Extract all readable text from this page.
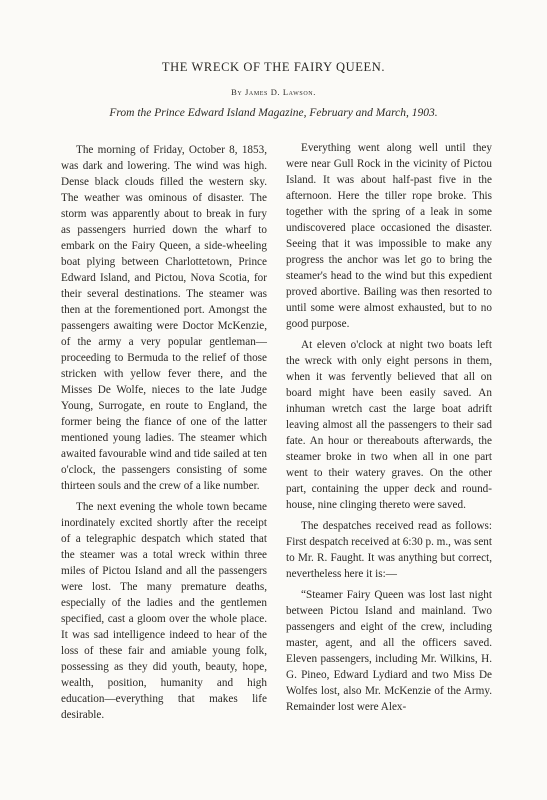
THE WRECK OF THE FAIRY QUEEN.
By James D. Lawson.
From the Prince Edward Island Magazine, February and March, 1903.

The morning of Friday, October 8, 1853, was dark and lowering. The wind was high. Dense black clouds filled the western sky. The weather was ominous of disaster. The storm was apparently about to break in fury as passengers hurried down the wharf to embark on the Fairy Queen, a side-wheeling boat plying between Charlottetown, Prince Edward Island, and Pictou, Nova Scotia, for their several destinations. The steamer was then at the forementioned port. Amongst the passengers awaiting were Doctor McKenzie, of the army a very popular gentleman—proceeding to Bermuda to the relief of those stricken with yellow fever there, and the Misses De Wolfe, nieces to the late Judge Young, Surrogate, en route to England, the former being the fiance of one of the latter mentioned young ladies. The steamer which awaited favourable wind and tide sailed at ten o'clock, the passengers consisting of some thirteen souls and the crew of a like number.

The next evening the whole town became inordinately excited shortly after the receipt of a telegraphic despatch which stated that the steamer was a total wreck within three miles of Pictou Island and all the passengers were lost. The many premature deaths, especially of the ladies and the gentlemen specified, cast a gloom over the whole place. It was sad intelligence indeed to hear of the loss of these fair and amiable young folk, possessing as they did youth, beauty, hope, wealth, position, humanity and high education—everything that makes life desirable.

Everything went along well until they were near Gull Rock in the vicinity of Pictou Island. It was about half-past five in the afternoon. Here the tiller rope broke. This together with the spring of a leak in some undiscovered place occasioned the disaster. Seeing that it was impossible to make any progress the anchor was let go to bring the steamer's head to the wind but this expedient proved abortive. Bailing was then resorted to until some were almost exhausted, but to no good purpose.

At eleven o'clock at night two boats left the wreck with only eight persons in them, when it was fervently believed that all on board might have been easily saved. An inhuman wretch cast the large boat adrift leaving almost all the passengers to their sad fate. An hour or thereabouts afterwards, the steamer broke in two when all in one part went to their watery graves. On the other part, containing the upper deck and round-house, nine clinging thereto were saved.

The despatches received read as follows: First despatch received at 6:30 p. m., was sent to Mr. R. Faught. It was anything but correct, nevertheless here it is:—

“Steamer Fairy Queen was lost last night between Pictou Island and mainland. Two passengers and eight of the crew, including master, agent, and all the officers saved. Eleven passengers, including Mr. Wilkins, H. G. Pineo, Edward Lydiard and two Miss De Wolfes lost, also Mr. McKenzie of the Army. Remainder lost were Alex-
